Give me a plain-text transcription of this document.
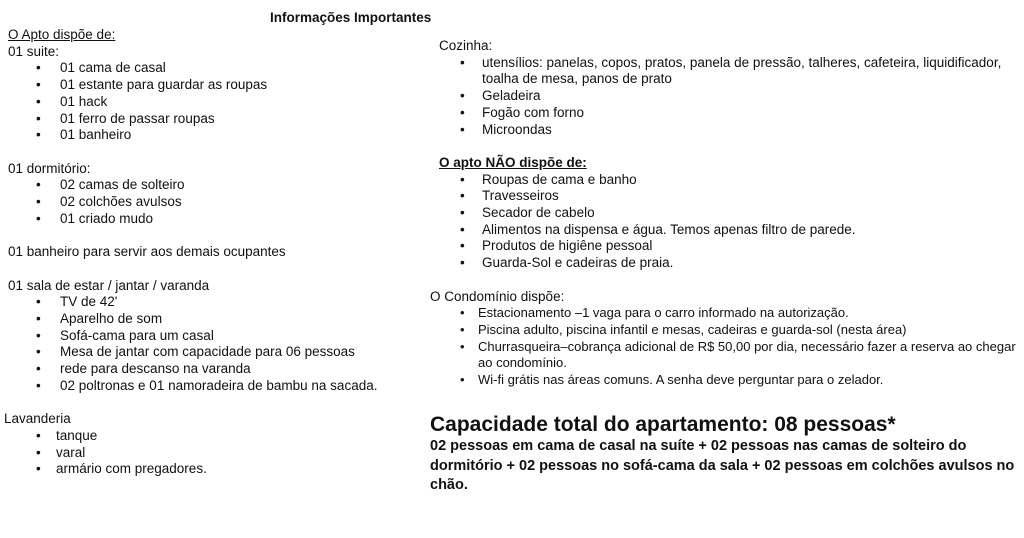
Informações Importantes
O Apto dispõe de:
01 suite:
• 01 cama de casal
• 01 estante para guardar as roupas
• 01 hack
• 01 ferro de passar roupas
• 01 banheiro
01 dormitório:
• 02 camas de solteiro
• 02 colchões avulsos
• 01 criado mudo
01 banheiro para servir aos demais ocupantes
01 sala de estar / jantar / varanda
• TV de 42'
• Aparelho de som
• Sofá-cama para um casal
• Mesa de jantar com capacidade para 06 pessoas
• rede para descanso na varanda
• 02 poltronas e 01 namoradeira de bambu na sacada.
Lavanderia
• tanque
• varal
• armário com pregadores.
Cozinha:
• utensílios: panelas, copos, pratos, panela de pressão, talheres, cafeteira, liquidificador, toalha de mesa, panos de prato
• Geladeira
• Fogão com forno
• Microondas
O apto NÃO dispõe de:
• Roupas de cama e banho
• Travesseiros
• Secador de cabelo
• Alimentos na dispensa e água. Temos apenas filtro de parede.
• Produtos de higiêne pessoal
• Guarda-Sol e cadeiras de praia.
O Condomínio dispõe:
• Estacionamento –1 vaga para o carro informado na autorização.
• Piscina adulto, piscina infantil e mesas, cadeiras e guarda-sol (nesta área)
• Churrasqueira–cobrança adicional de R$ 50,00 por dia, necessário fazer a reserva ao chegar ao condomínio.
• Wi-fi grátis nas áreas comuns. A senha deve perguntar para o zelador.
Capacidade total do apartamento: 08 pessoas*
02 pessoas em cama de casal na suíte + 02 pessoas nas camas de solteiro do dormitório + 02 pessoas no sofá-cama da sala + 02 pessoas em colchões avulsos no chão.
